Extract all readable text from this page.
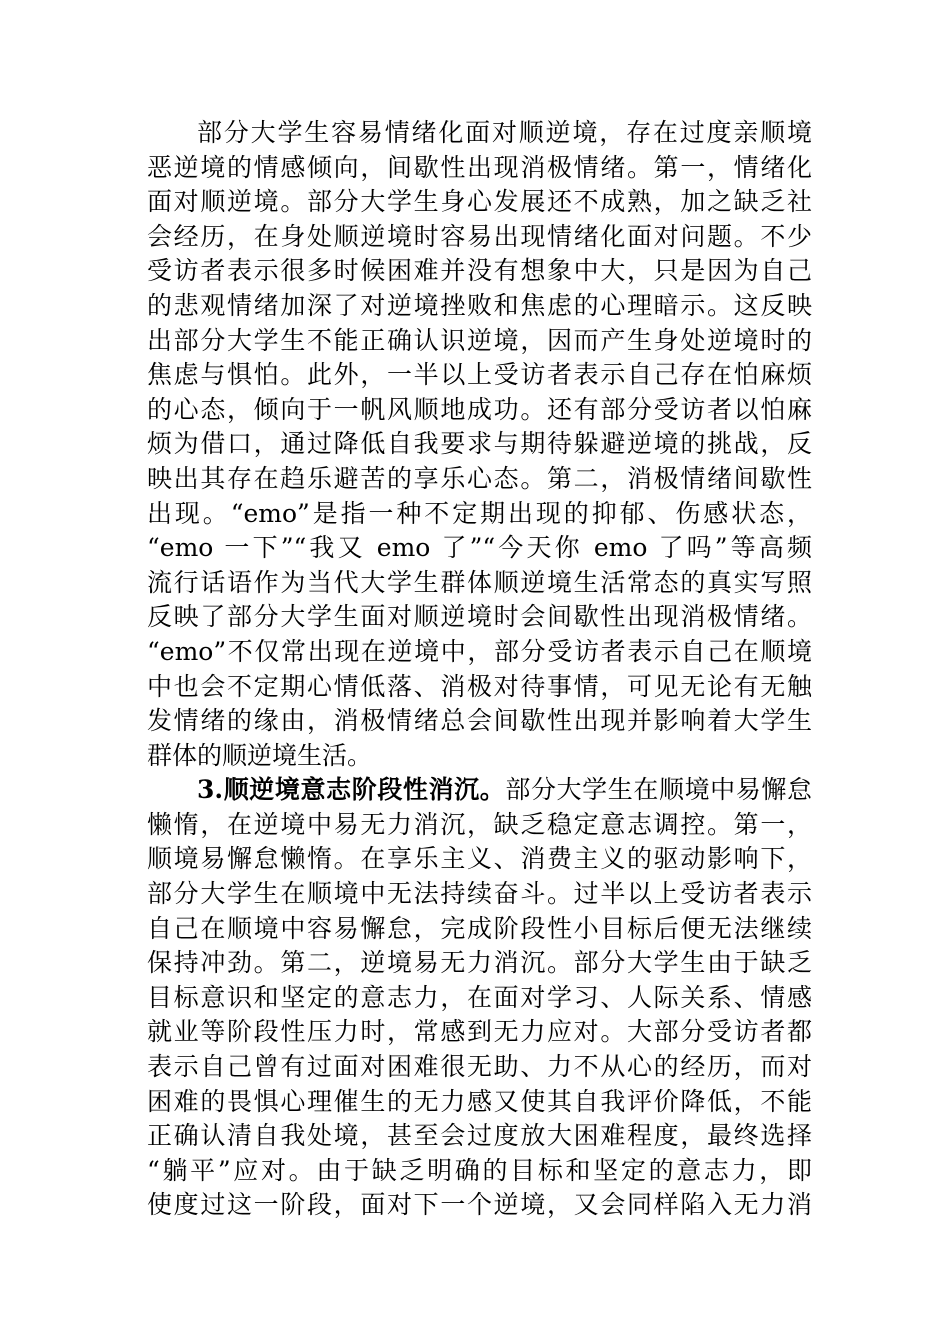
部分大学生容易情绪化面对顺逆境，存在过度亲顺境
恶逆境的情感倾向，间歇性出现消极情绪。第一，情绪化
面对顺逆境。部分大学生身心发展还不成熟，加之缺乏社
会经历，在身处顺逆境时容易出现情绪化面对问题。不少
受访者表示很多时候困难并没有想象中大，只是因为自己
的悲观情绪加深了对逆境挫败和焦虑的心理暗示。这反映
出部分大学生不能正确认识逆境，因而产生身处逆境时的
焦虑与惧怕。此外，一半以上受访者表示自己存在怕麻烦
的心态，倾向于一帆风顺地成功。还有部分受访者以怕麻
烦为借口，通过降低自我要求与期待躲避逆境的挑战，反
映出其存在趋乐避苦的享乐心态。第二，消极情绪间歇性
出现。“emo”是指一种不定期出现的抑郁、伤感状态，
“emo 一下”“我又 emo 了”“今天你 emo 了吗”等高频
流行话语作为当代大学生群体顺逆境生活常态的真实写照
反映了部分大学生面对顺逆境时会间歇性出现消极情绪。
“emo”不仅常出现在逆境中，部分受访者表示自己在顺境
中也会不定期心情低落、消极对待事情，可见无论有无触
发情绪的缘由，消极情绪总会间歇性出现并影响着大学生
群体的顺逆境生活。
3.顺逆境意志阶段性消沉。部分大学生在顺境中易懈怠
懒惰，在逆境中易无力消沉，缺乏稳定意志调控。第一，
顺境易懈怠懒惰。在享乐主义、消费主义的驱动影响下，
部分大学生在顺境中无法持续奋斗。过半以上受访者表示
自己在顺境中容易懈怠，完成阶段性小目标后便无法继续
保持冲劲。第二，逆境易无力消沉。部分大学生由于缺乏
目标意识和坚定的意志力，在面对学习、人际关系、情感
就业等阶段性压力时，常感到无力应对。大部分受访者都
表示自己曾有过面对困难很无助、力不从心的经历，而对
困难的畏惧心理催生的无力感又使其自我评价降低，不能
正确认清自我处境，甚至会过度放大困难程度，最终选择
“躺平”应对。由于缺乏明确的目标和坚定的意志力，即
使度过这一阶段，面对下一个逆境，又会同样陷入无力消
